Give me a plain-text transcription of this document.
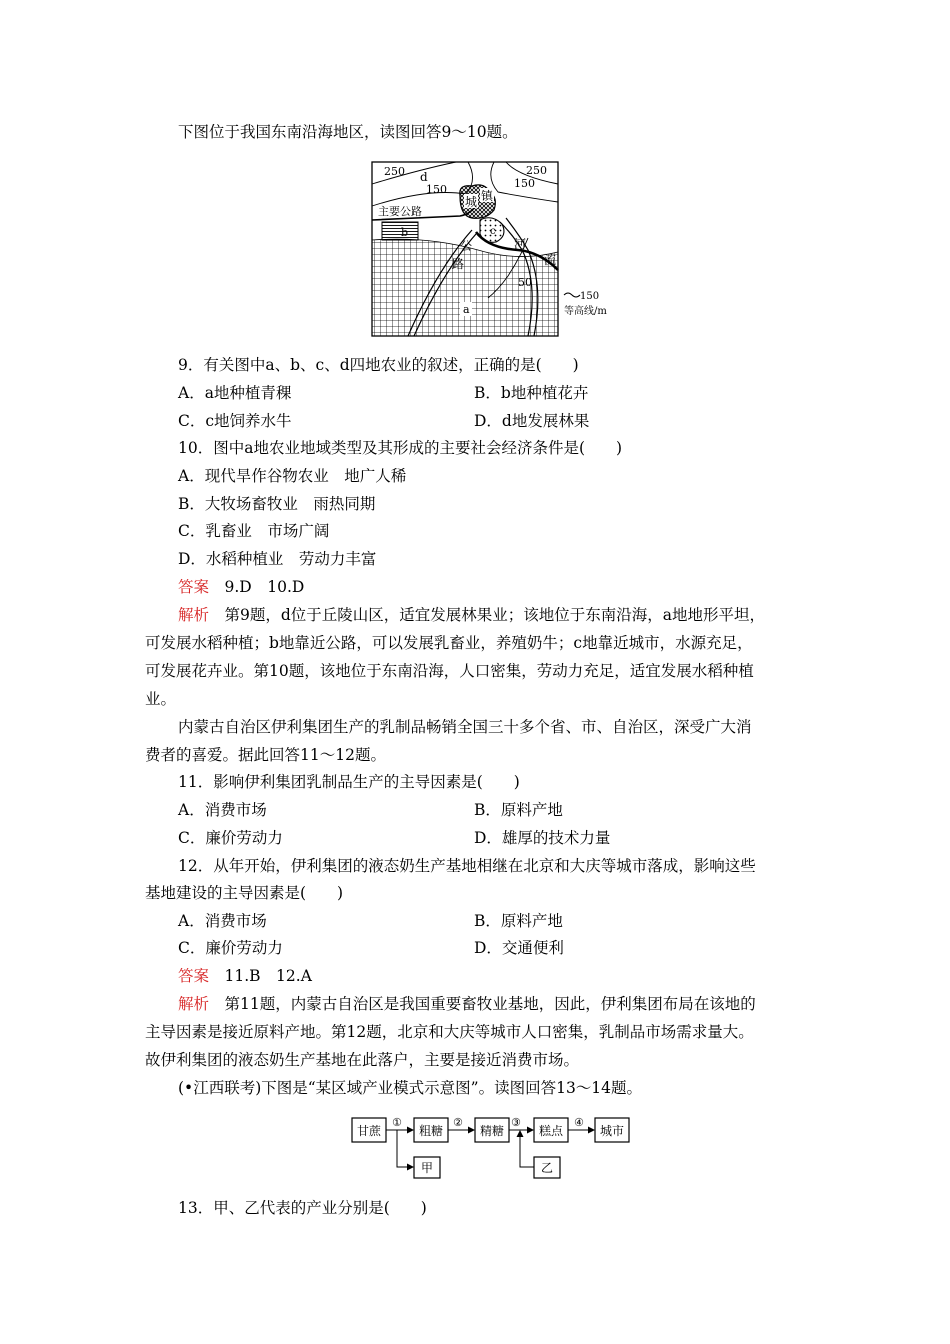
下图位于我国东南沿海地区，读图回答9～10题。
250	250
150	150
d
主要公路
b
城 镇
c
公
路
河
流
50
a
150
等高线/m
9．有关图中a、b、c、d四地农业的叙述，正确的是(　　)
A．a地种植青稞	B．b地种植花卉
C．c地饲养水牛	D．d地发展林果
10．图中a地农业地域类型及其形成的主要社会经济条件是(　　)
A．现代旱作谷物农业　地广人稀
B．大牧场畜牧业　雨热同期
C．乳畜业　市场广阔
D．水稻种植业　劳动力丰富
答案　9.D　10.D
解析　第9题，d位于丘陵山区，适宜发展林果业；该地位于东南沿海，a地地形平坦，
可发展水稻种植；b地靠近公路，可以发展乳畜业，养殖奶牛；c地靠近城市，水源充足，
可发展花卉业。第10题，该地位于东南沿海，人口密集，劳动力充足，适宜发展水稻种植
业。
内蒙古自治区伊利集团生产的乳制品畅销全国三十多个省、市、自治区，深受广大消
费者的喜爱。据此回答11～12题。
11．影响伊利集团乳制品生产的主导因素是(　　)
A．消费市场	B．原料产地
C．廉价劳动力	D．雄厚的技术力量
12．从年开始，伊利集团的液态奶生产基地相继在北京和大庆等城市落成，影响这些
基地建设的主导因素是(　　)
A．消费市场	B．原料产地
C．廉价劳动力	D．交通便利
答案　11.B　12.A
解析　第11题，内蒙古自治区是我国重要畜牧业基地，因此，伊利集团布局在该地的
主导因素是接近原料产地。第12题，北京和大庆等城市人口密集，乳制品市场需求量大。
故伊利集团的液态奶生产基地在此落户，主要是接近消费市场。
(•江西联考)下图是“某区域产业模式示意图”。读图回答13～14题。
甘蔗	粗糖	精糖	糕点	城市
①	②	③	④
甲	乙
13．甲、乙代表的产业分别是(　　)
